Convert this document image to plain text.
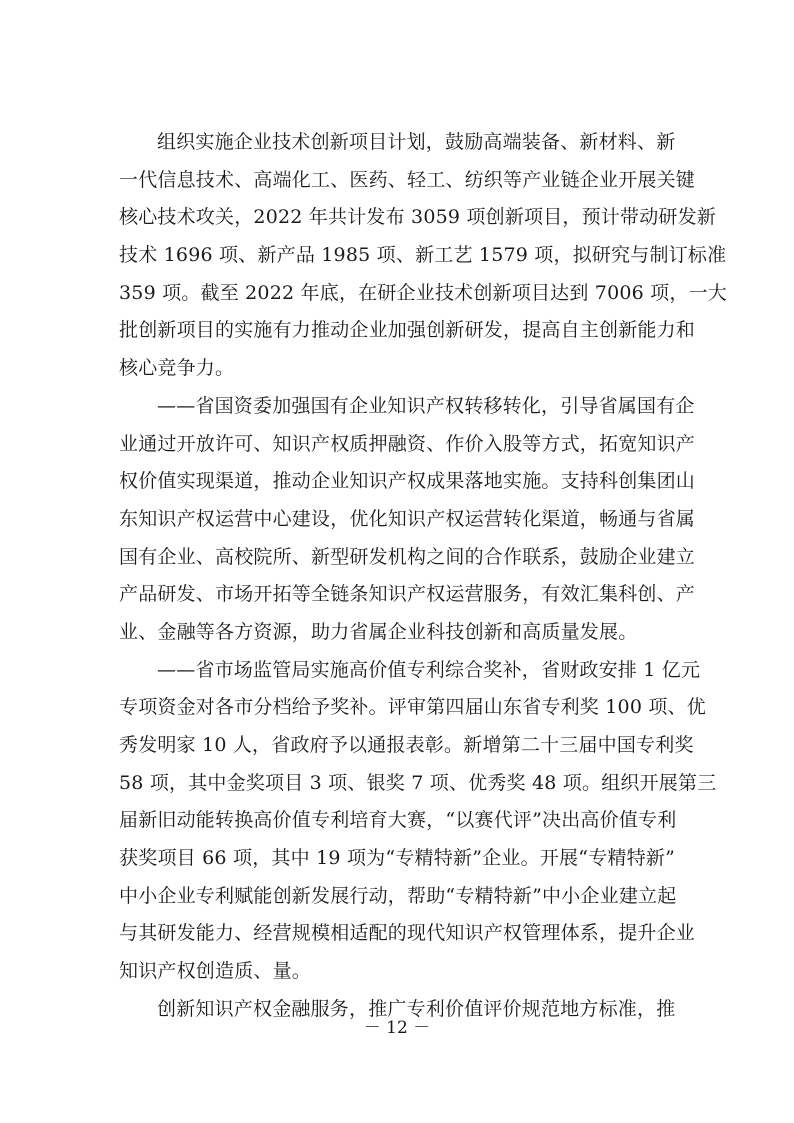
组织实施企业技术创新项目计划，鼓励高端装备、新材料、新
一代信息技术、高端化工、医药、轻工、纺织等产业链企业开展关键
核心技术攻关，2022 年共计发布 3059 项创新项目，预计带动研发新
技术 1696 项、新产品 1985 项、新工艺 1579 项，拟研究与制订标准
359 项。截至 2022 年底，在研企业技术创新项目达到 7006 项，一大
批创新项目的实施有力推动企业加强创新研发，提高自主创新能力和
核心竞争力。
——省国资委加强国有企业知识产权转移转化，引导省属国有企
业通过开放许可、知识产权质押融资、作价入股等方式，拓宽知识产
权价值实现渠道，推动企业知识产权成果落地实施。支持科创集团山
东知识产权运营中心建设，优化知识产权运营转化渠道，畅通与省属
国有企业、高校院所、新型研发机构之间的合作联系，鼓励企业建立
产品研发、市场开拓等全链条知识产权运营服务，有效汇集科创、产
业、金融等各方资源，助力省属企业科技创新和高质量发展。
——省市场监管局实施高价值专利综合奖补，省财政安排 1 亿元
专项资金对各市分档给予奖补。评审第四届山东省专利奖 100 项、优
秀发明家 10 人，省政府予以通报表彰。新增第二十三届中国专利奖
58 项，其中金奖项目 3 项、银奖 7 项、优秀奖 48 项。组织开展第三
届新旧动能转换高价值专利培育大赛，“以赛代评”决出高价值专利
获奖项目 66 项，其中 19 项为“专精特新”企业。开展“专精特新”
中小企业专利赋能创新发展行动，帮助“专精特新”中小企业建立起
与其研发能力、经营规模相适配的现代知识产权管理体系，提升企业
知识产权创造质、量。
创新知识产权金融服务，推广专利价值评价规范地方标准，推
－ 12 －
